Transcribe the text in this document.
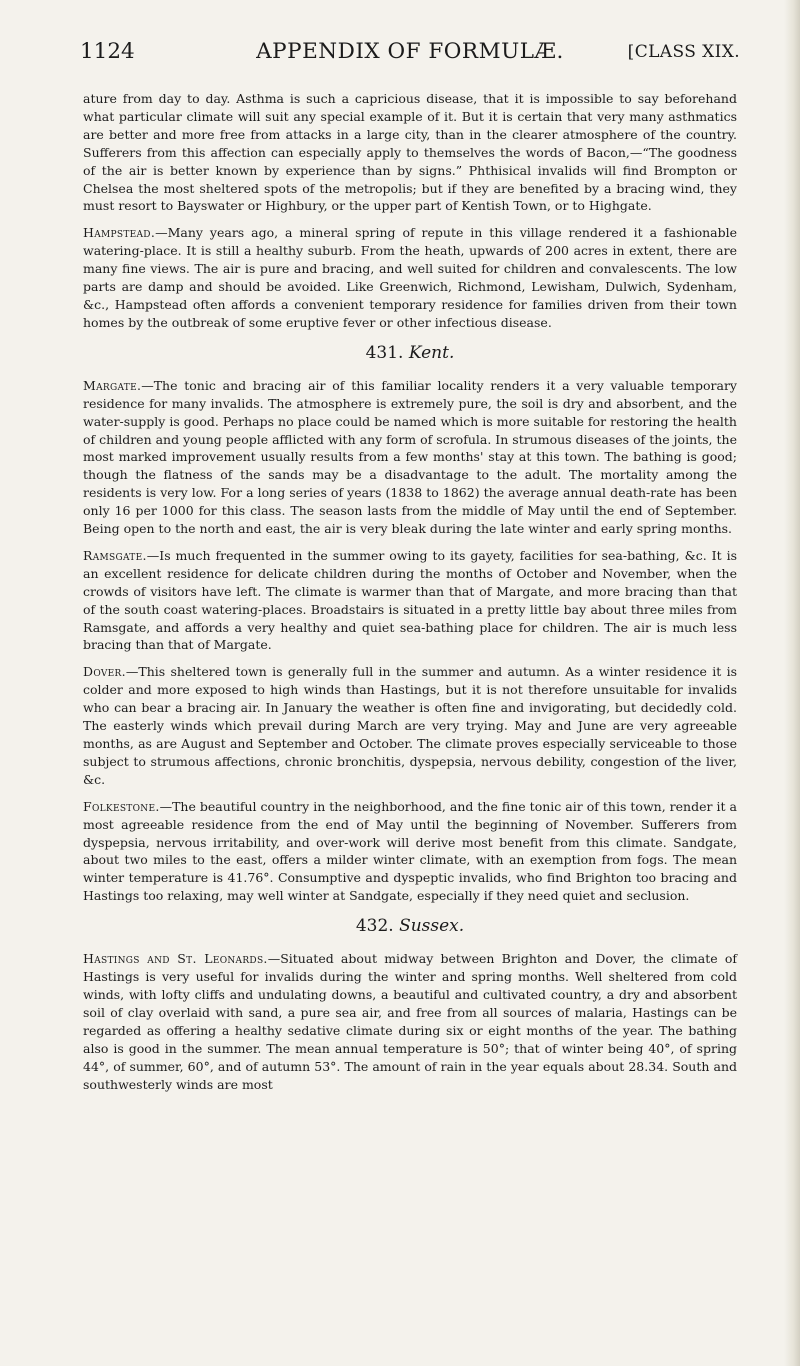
1124	APPENDIX OF FORMULÆ.	[CLASS XIX.

ature from day to day. Asthma is such a capricious disease, that it is impossible to say beforehand what particular climate will suit any special example of it. But it is certain that very many asthmatics are better and more free from attacks in a large city, than in the clearer atmosphere of the country. Sufferers from this affection can especially apply to themselves the words of Bacon,—“The goodness of the air is better known by experience than by signs.” Phthisical invalids will find Brompton or Chelsea the most sheltered spots of the metropolis; but if they are benefited by a bracing wind, they must resort to Bayswater or Highbury, or the upper part of Kentish Town, or to Highgate.

Hampstead.—Many years ago, a mineral spring of repute in this village rendered it a fashionable watering-place. It is still a healthy suburb. From the heath, upwards of 200 acres in extent, there are many fine views. The air is pure and bracing, and well suited for children and convalescents. The low parts are damp and should be avoided. Like Greenwich, Richmond, Lewisham, Dulwich, Sydenham, &c., Hampstead often affords a convenient temporary residence for families driven from their town homes by the outbreak of some eruptive fever or other infectious disease.

431. Kent.

Margate.—The tonic and bracing air of this familiar locality renders it a very valuable temporary residence for many invalids. The atmosphere is extremely pure, the soil is dry and absorbent, and the water-supply is good. Perhaps no place could be named which is more suitable for restoring the health of children and young people afflicted with any form of scrofula. In strumous diseases of the joints, the most marked improvement usually results from a few months' stay at this town. The bathing is good; though the flatness of the sands may be a disadvantage to the adult. The mortality among the residents is very low. For a long series of years (1838 to 1862) the average annual death-rate has been only 16 per 1000 for this class. The season lasts from the middle of May until the end of September. Being open to the north and east, the air is very bleak during the late winter and early spring months.

Ramsgate.—Is much frequented in the summer owing to its gayety, facilities for sea-bathing, &c. It is an excellent residence for delicate children during the months of October and November, when the crowds of visitors have left. The climate is warmer than that of Margate, and more bracing than that of the south coast watering-places. Broadstairs is situated in a pretty little bay about three miles from Ramsgate, and affords a very healthy and quiet sea-bathing place for children. The air is much less bracing than that of Margate.

Dover.—This sheltered town is generally full in the summer and autumn. As a winter residence it is colder and more exposed to high winds than Hastings, but it is not therefore unsuitable for invalids who can bear a bracing air. In January the weather is often fine and invigorating, but decidedly cold. The easterly winds which prevail during March are very trying. May and June are very agreeable months, as are August and September and October. The climate proves especially serviceable to those subject to strumous affections, chronic bronchitis, dyspepsia, nervous debility, congestion of the liver, &c.

Folkestone.—The beautiful country in the neighborhood, and the fine tonic air of this town, render it a most agreeable residence from the end of May until the beginning of November. Sufferers from dyspepsia, nervous irritability, and over-work will derive most benefit from this climate. Sandgate, about two miles to the east, offers a milder winter climate, with an exemption from fogs. The mean winter temperature is 41.76°. Consumptive and dyspeptic invalids, who find Brighton too bracing and Hastings too relaxing, may well winter at Sandgate, especially if they need quiet and seclusion.

432. Sussex.

Hastings and St. Leonards.—Situated about midway between Brighton and Dover, the climate of Hastings is very useful for invalids during the winter and spring months. Well sheltered from cold winds, with lofty cliffs and undulating downs, a beautiful and cultivated country, a dry and absorbent soil of clay overlaid with sand, a pure sea air, and free from all sources of malaria, Hastings can be regarded as offering a healthy sedative climate during six or eight months of the year. The bathing also is good in the summer. The mean annual temperature is 50°; that of winter being 40°, of spring 44°, of summer, 60°, and of autumn 53°. The amount of rain in the year equals about 28.34. South and southwesterly winds are most
